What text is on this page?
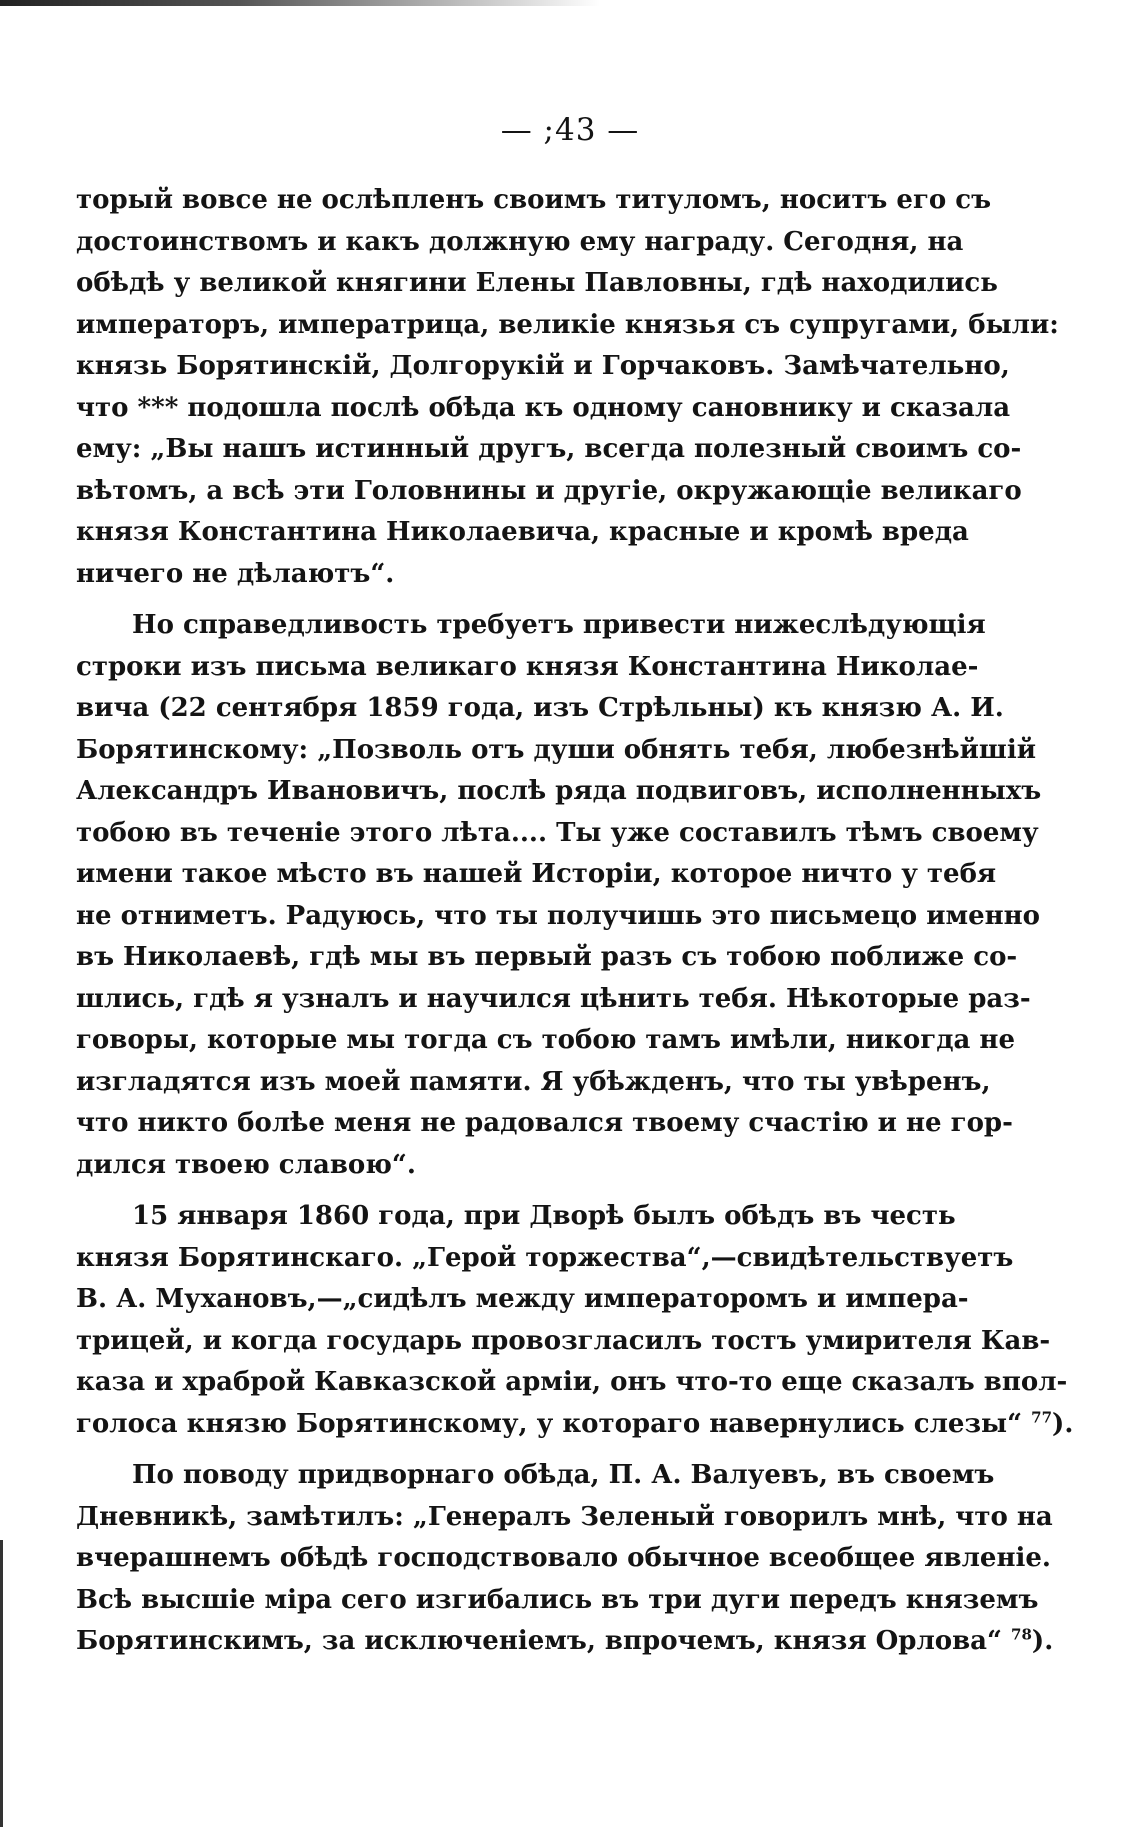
— ;43 —
торый вовсе не ослѣпленъ своимъ титуломъ, носитъ его съ
достоинствомъ и какъ должную ему награду. Сегодня, на
обѣдѣ у великой княгини Елены Павловны, гдѣ находились
императоръ, императрица, великіе князья съ супругами, были:
князь Борятинскій, Долгорукій и Горчаковъ. Замѣчательно,
что *** подошла послѣ обѣда къ одному сановнику и сказала
ему: „Вы нашъ истинный другъ, всегда полезный своимъ со-
вѣтомъ, а всѣ эти Головнины и другіе, окружающіе великаго
князя Константина Николаевича, красные и кромѣ вреда
ничего не дѣлаютъ“.
Но справедливость требуетъ привести нижеслѣдующія
строки изъ письма великаго князя Константина Николае-
вича (22 сентября 1859 года, изъ Стрѣльны) къ князю А. И.
Борятинскому: „Позволь отъ души обнять тебя, любезнѣйшій
Александръ Ивановичъ, послѣ ряда подвиговъ, исполненныхъ
тобою въ теченіе этого лѣта.... Ты уже составилъ тѣмъ своему
имени такое мѣсто въ нашей Исторіи, которое ничто у тебя
не отниметъ. Радуюсь, что ты получишь это письмецо именно
въ Николаевѣ, гдѣ мы въ первый разъ съ тобою поближе со-
шлись, гдѣ я узналъ и научился цѣнить тебя. Нѣкоторые раз-
говоры, которые мы тогда съ тобою тамъ имѣли, никогда не
изгладятся изъ моей памяти. Я убѣжденъ, что ты увѣренъ,
что никто болѣе меня не радовался твоему счастію и не гор-
дился твоею славою“.
15 января 1860 года, при Дворѣ былъ обѣдъ въ честь
князя Борятинскаго. „Герой торжества“,—свидѣтельствуетъ
В. А. Мухановъ,—„сидѣлъ между императоромъ и импера-
трицей, и когда государь провозгласилъ тостъ умирителя Кав-
каза и храброй Кавказской арміи, онъ что-то еще сказалъ впол-
голоса князю Борятинскому, у котораго навернулись слезы“ $^{77}$).
По поводу придворнаго обѣда, П. А. Валуевъ, въ своемъ
Дневникѣ, замѣтилъ: „Генералъ Зеленый говорилъ мнѣ, что на
вчерашнемъ обѣдѣ господствовало обычное всеобщее явленіе.
Всѣ высшіе міра сего изгибались въ три дуги передъ княземъ
Борятинскимъ, за исключеніемъ, впрочемъ, князя Орлова“ $^{78}$).
